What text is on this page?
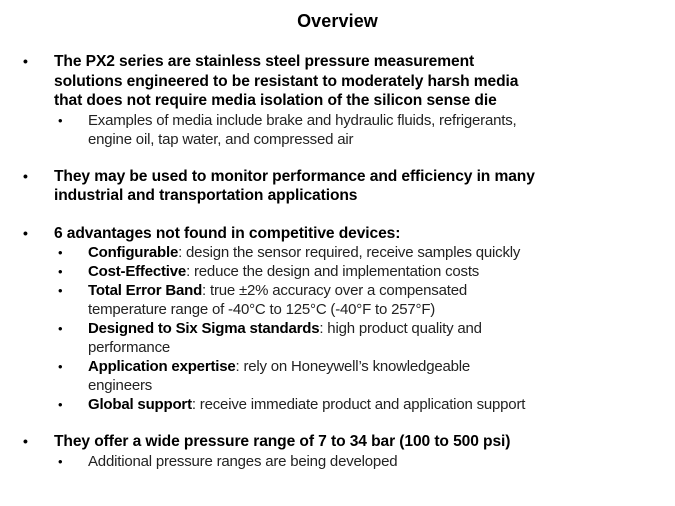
Overview
• The PX2 series are stainless steel pressure measurement
solutions engineered to be resistant to moderately harsh media
that does not require media isolation of the silicon sense die
• Examples of media include brake and hydraulic fluids, refrigerants,
engine oil, tap water, and compressed air
• They may be used to monitor performance and efficiency in many
industrial and transportation applications
• 6 advantages not found in competitive devices:
• Configurable: design the sensor required, receive samples quickly
• Cost-Effective: reduce the design and implementation costs
• Total Error Band: true ±2% accuracy over a compensated
temperature range of -40°C to 125°C (-40°F to 257°F)
• Designed to Six Sigma standards: high product quality and
performance
• Application expertise: rely on Honeywell’s knowledgeable
engineers
• Global support: receive immediate product and application support
• They offer a wide pressure range of 7 to 34 bar (100 to 500 psi)
• Additional pressure ranges are being developed
